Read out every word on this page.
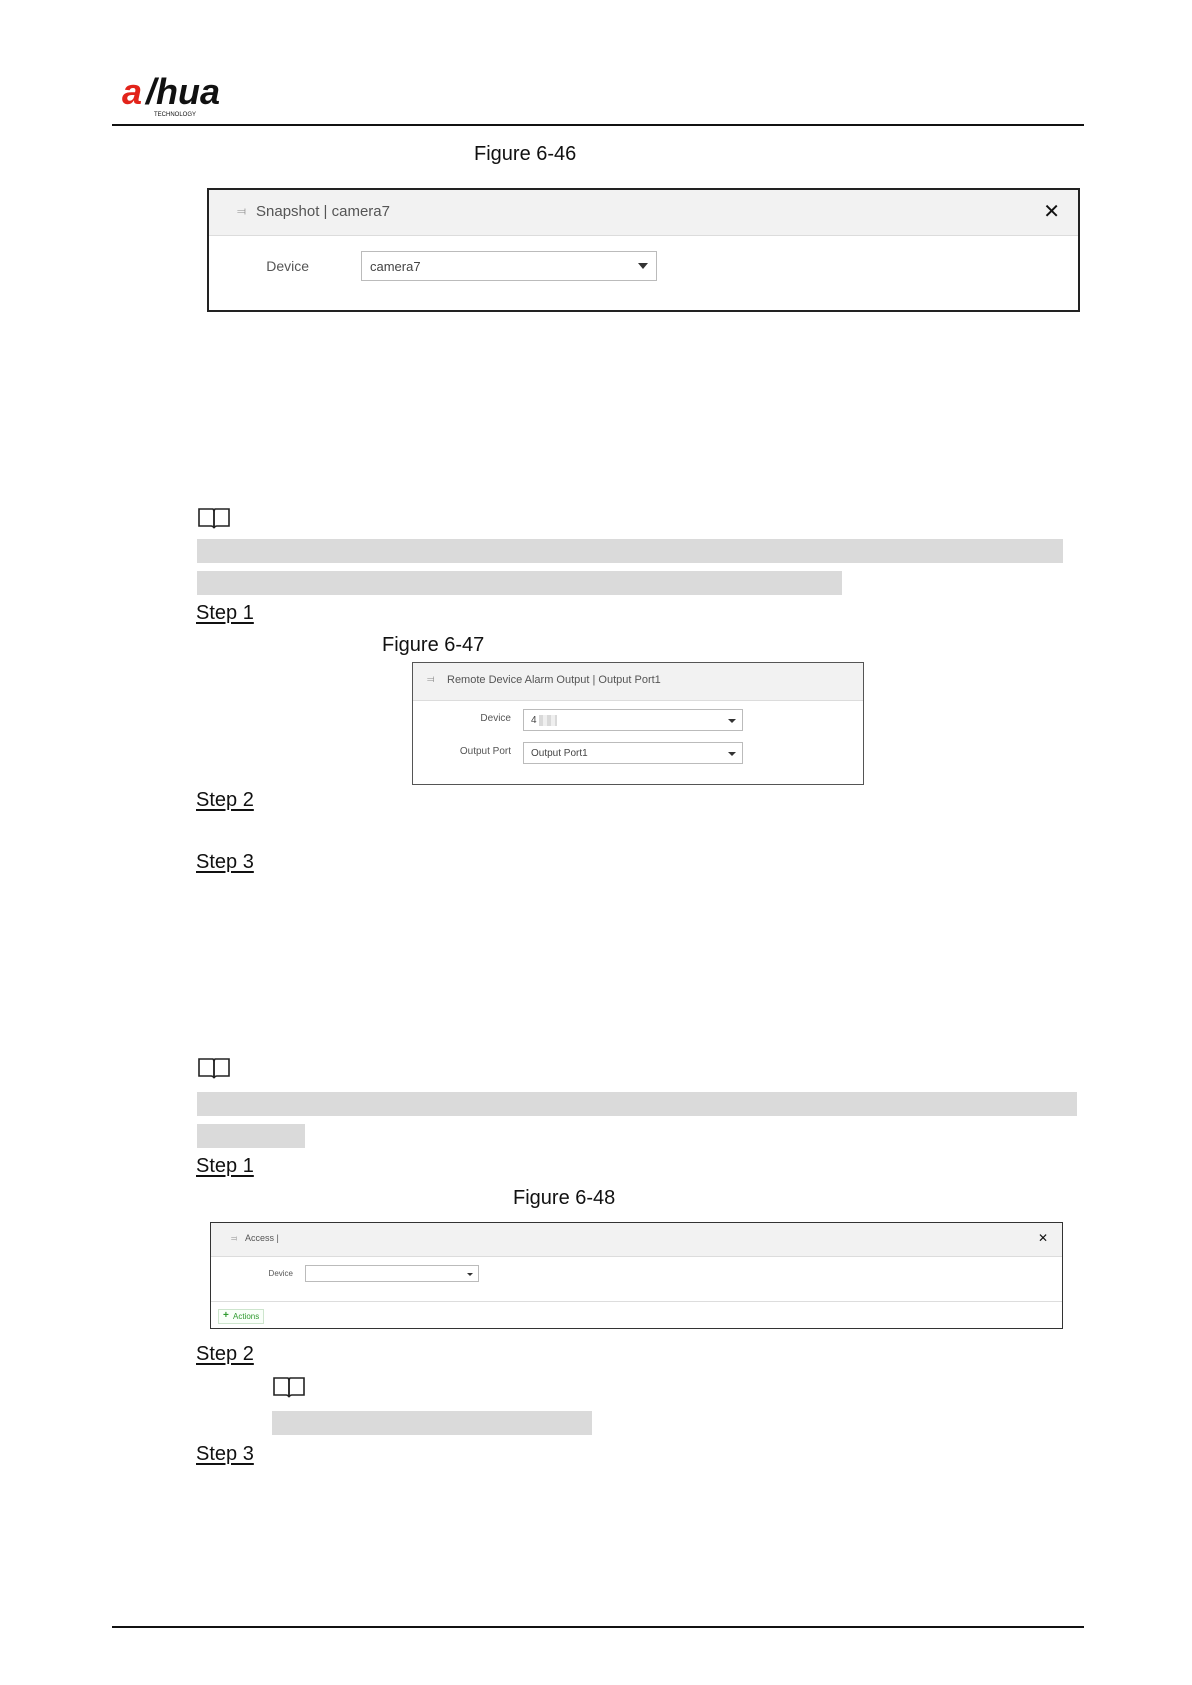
a /hua
TECHNOLOGY
Figure 6-46
⫤ Snapshot | camera7	✕
Device	camera7
Step 1
Figure 6-47
⫤ Remote Device Alarm Output | Output Port1
Device 4
Output Port Output Port1
Step 2
Step 3
Step 1
Figure 6-48
⫤ Access |	✕
Device
+ Actions
Step 2
Step 3
